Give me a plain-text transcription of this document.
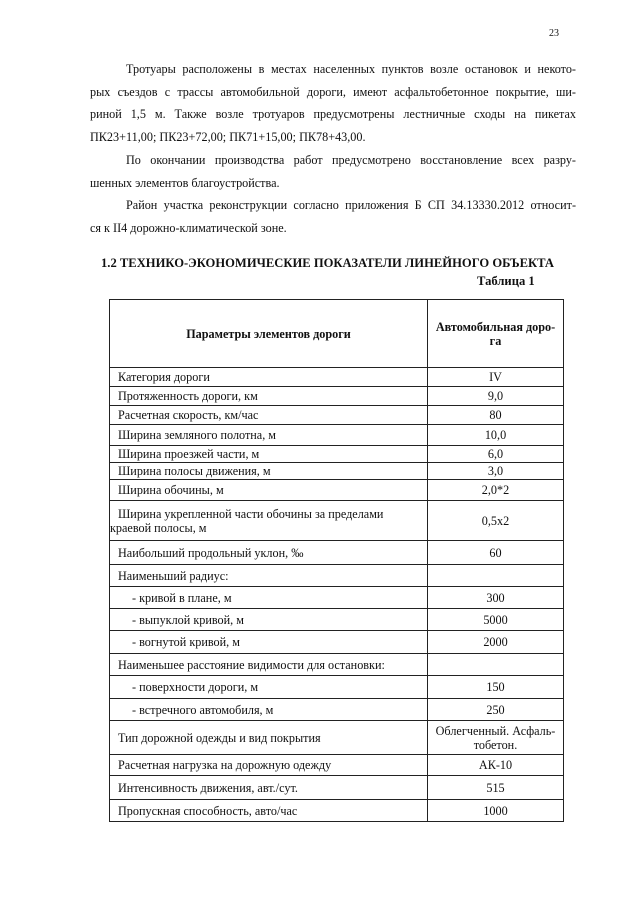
23
Тротуары расположены в местах населенных пунктов возле остановок и некото-
рых съездов с трассы автомобильной дороги, имеют асфальтобетонное покрытие, ши-
риной 1,5 м. Также возле тротуаров предусмотрены лестничные сходы на пикетах
ПК23+11,00; ПК23+72,00; ПК71+15,00; ПК78+43,00.
По окончании производства работ предусмотрено восстановление всех разру-
шенных элементов благоустройства.
Район участка реконструкции согласно приложения Б СП 34.13330.2012 относит-
ся к II4 дорожно-климатической зоне.
1.2 ТЕХНИКО-ЭКОНОМИЧЕСКИЕ ПОКАЗАТЕЛИ ЛИНЕЙНОГО ОБЪЕКТА
Таблица 1
Параметры элементов дороги	Автомобильная доро-
га
Категория дороги	IV
Протяженность дороги, км	9,0
Расчетная скорость, км/час	80
Ширина земляного полотна, м	10,0
Ширина проезжей части, м	6,0
Ширина полосы движения, м	3,0
Ширина обочины, м	2,0*2
Ширина укрепленной части обочины за пределами краевой полосы, м	0,5х2
Наибольший продольный уклон, ‰	60
Наименьший радиус:	
- кривой в плане, м	300
- выпуклой кривой, м	5000
- вогнутой кривой, м	2000
Наименьшее расстояние видимости для остановки:	
- поверхности дороги, м	150
- встречного автомобиля, м	250
Тип дорожной одежды и вид покрытия	Облегченный. Асфаль-тобетон.
Расчетная нагрузка на дорожную одежду	АК-10
Интенсивность движения, авт./сут.	515
Пропускная способность, авто/час	1000
